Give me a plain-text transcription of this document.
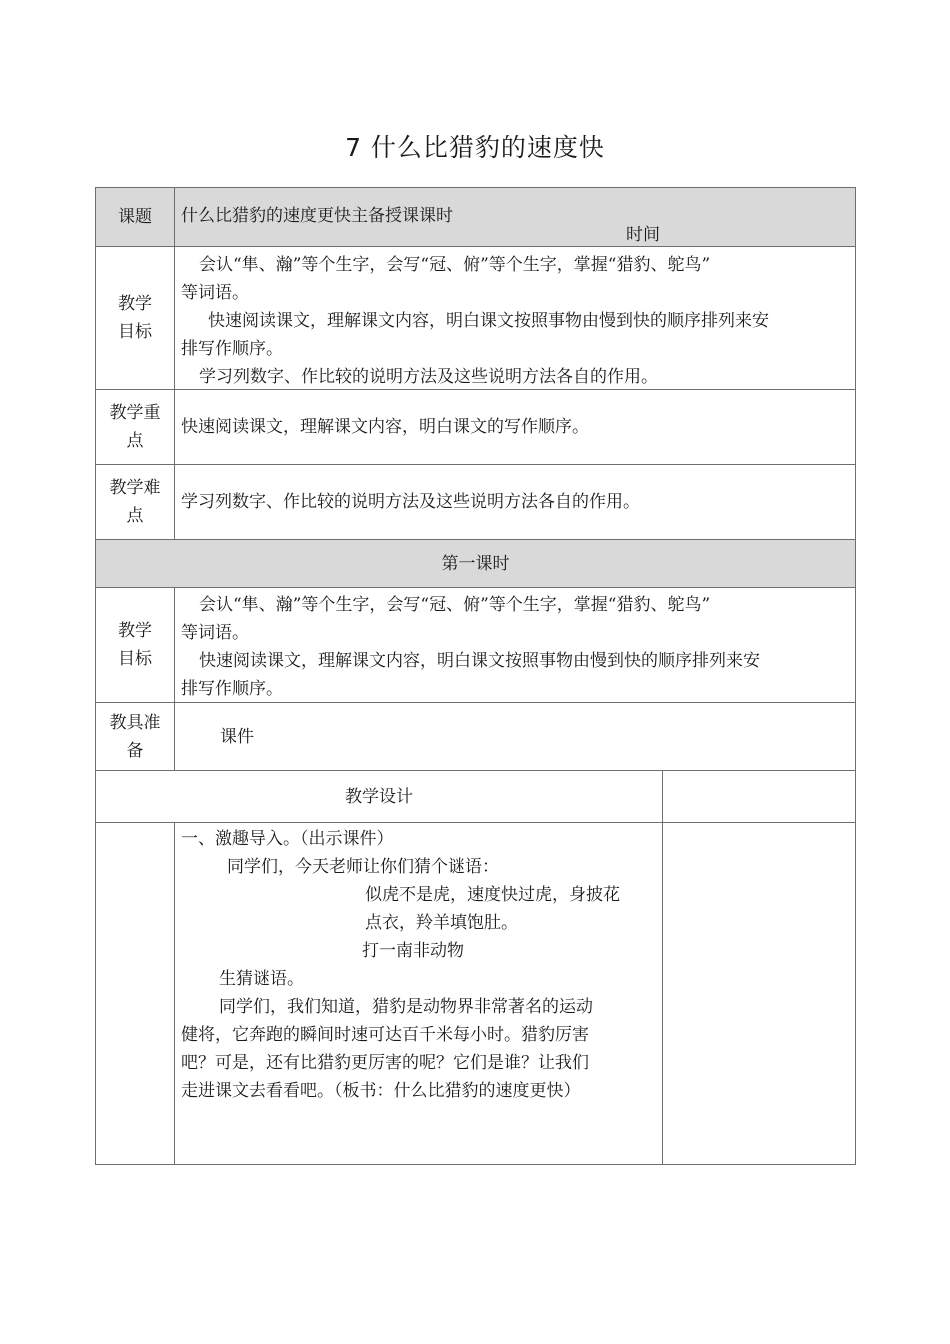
7 什么比猎豹的速度快
课题	什么比猎豹的速度更快主备授课课时
时间
教学目标

会认“隼、瀚”等个生字，会写“冠、俯”等个生字，掌握“猎豹、鸵鸟”

等词语。

快速阅读课文，理解课文内容，明白课文按照事物由慢到快的顺序排列来安

排写作顺序。

学习列数字、作比较的说明方法及这些说明方法各自的作用。

教学重点
快速阅读课文，理解课文内容，明白课文的写作顺序。
教学难点
学习列数字、作比较的说明方法及这些说明方法各自的作用。
第一课时
教学目标

会认“隼、瀚”等个生字，会写“冠、俯”等个生字，掌握“猎豹、鸵鸟”

等词语。

快速阅读课文，理解课文内容，明白课文按照事物由慢到快的顺序排列来安

排写作顺序。

教具准备
课件
教学设计

一、激趣导入。（出示课件）

同学们，今天老师让你们猜个谜语：

似虎不是虎，速度快过虎，身披花

点衣，羚羊填饱肚。

打一南非动物

生猜谜语。

同学们，我们知道，猎豹是动物界非常著名的运动

健将，它奔跑的瞬间时速可达百千米每小时。猎豹厉害

吧？可是，还有比猎豹更厉害的呢？它们是谁？让我们

走进课文去看看吧。（板书：什么比猎豹的速度更快）
